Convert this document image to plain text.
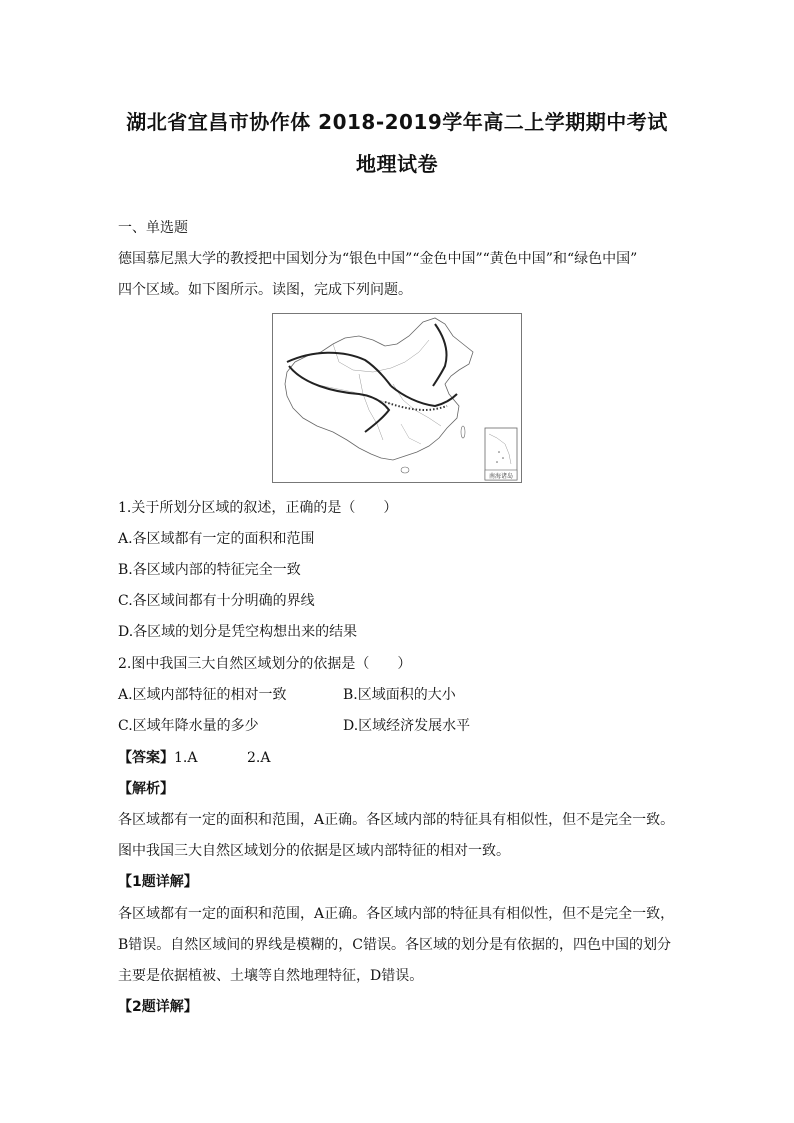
湖北省宜昌市协作体 2018-2019学年高二上学期期中考试
地理试卷
一、单选题
德国慕尼黑大学的教授把中国划分为“银色中国”“金色中国”“黄色中国”和“绿色中国”
四个区域。如下图所示。读图，完成下列问题。
南海诸岛
1.关于所划分区域的叙述，正确的是（　　）
A.各区域都有一定的面积和范围
B.各区域内部的特征完全一致
C.各区域间都有十分明确的界线
D.各区域的划分是凭空构想出来的结果
2.图中我国三大自然区域划分的依据是（　　）
A.区域内部特征的相对一致	B.区域面积的大小
C.区域年降水量的多少	D.区域经济发展水平
【答案】1.A	2.A
【解析】
各区域都有一定的面积和范围，A正确。各区域内部的特征具有相似性，但不是完全一致。
图中我国三大自然区域划分的依据是区域内部特征的相对一致。
【1题详解】
各区域都有一定的面积和范围，A正确。各区域内部的特征具有相似性，但不是完全一致，
B错误。自然区域间的界线是模糊的，C错误。各区域的划分是有依据的，四色中国的划分
主要是依据植被、土壤等自然地理特征，D错误。
【2题详解】
